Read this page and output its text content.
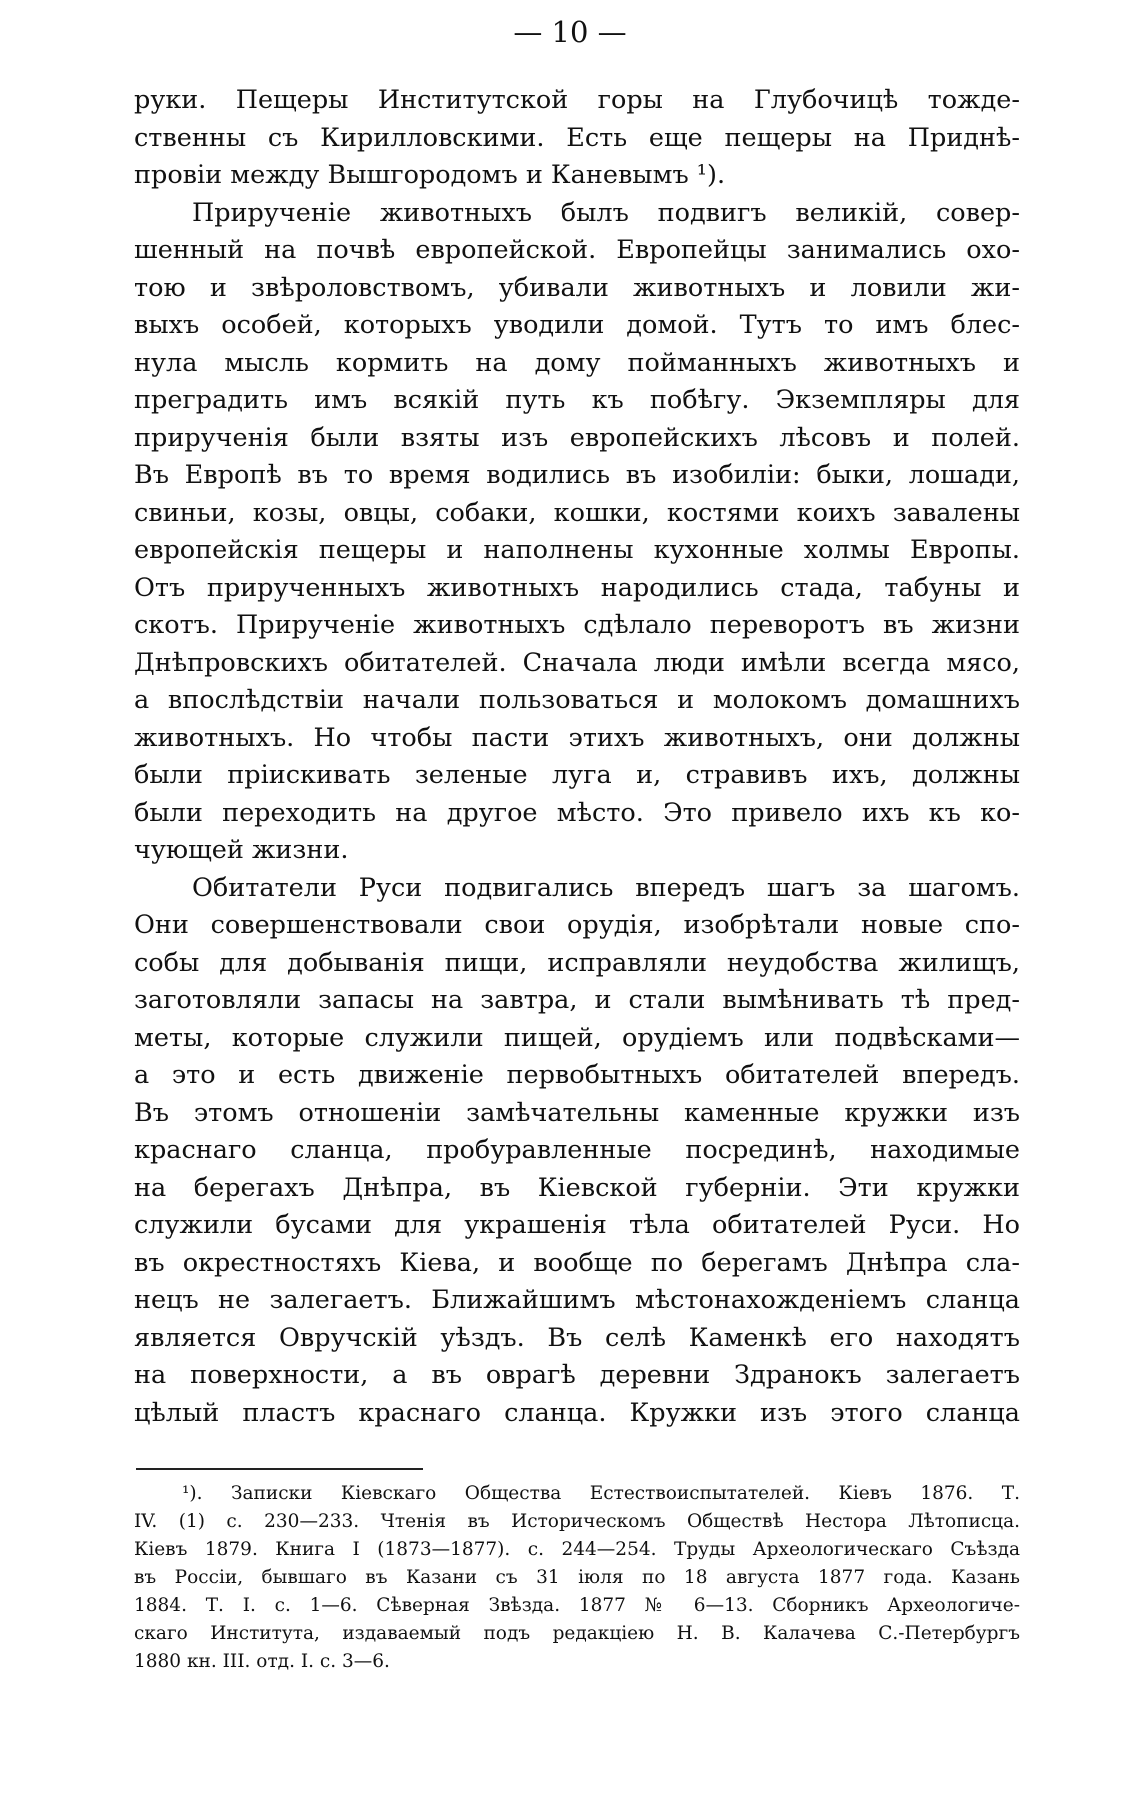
— 10 —
руки. Пещеры Институтской горы на Глубочицѣ тожде-
ственны съ Кирилловскими. Есть еще пещеры на Приднѣ-
провіи между Вышгородомъ и Каневымъ ¹).
Прирученіе животныхъ былъ подвигъ великій, совер-
шенный на почвѣ европейской. Европейцы занимались охо-
тою и звѣроловствомъ, убивали животныхъ и ловили жи-
выхъ особей, которыхъ уводили домой. Тутъ то имъ блес-
нула мысль кормить на дому пойманныхъ животныхъ и
преградить имъ всякій путь къ побѣгу. Экземпляры для
прирученія были взяты изъ европейскихъ лѣсовъ и полей.
Въ Европѣ въ то время водились въ изобиліи: быки, лошади,
свиньи, козы, овцы, собаки, кошки, костями коихъ завалены
европейскія пещеры и наполнены кухонные холмы Европы.
Отъ прирученныхъ животныхъ народились стада, табуны и
скотъ. Прирученіе животныхъ сдѣлало переворотъ въ жизни
Днѣпровскихъ обитателей. Сначала люди имѣли всегда мясо,
а впослѣдствіи начали пользоваться и молокомъ домашнихъ
животныхъ. Но чтобы пасти этихъ животныхъ, они должны
были пріискивать зеленые луга и, стравивъ ихъ, должны
были переходить на другое мѣсто. Это привело ихъ къ ко-
чующей жизни.
Обитатели Руси подвигались впередъ шагъ за шагомъ.
Они совершенствовали свои орудія, изобрѣтали новые спо-
собы для добыванія пищи, исправляли неудобства жилищъ,
заготовляли запасы на завтра, и стали вымѣнивать тѣ пред-
меты, которые служили пищей, орудіемъ или подвѣсками—
а это и есть движеніе первобытныхъ обитателей впередъ.
Въ этомъ отношеніи замѣчательны каменные кружки изъ
краснаго сланца, пробуравленные посрединѣ, находимые
на берегахъ Днѣпра, въ Кіевской губерніи. Эти кружки
служили бусами для украшенія тѣла обитателей Руси. Но
въ окрестностяхъ Кіева, и вообще по берегамъ Днѣпра сла-
нецъ не залегаетъ. Ближайшимъ мѣстонахожденіемъ сланца
является Овручскій уѣздъ. Въ селѣ Каменкѣ его находятъ
на поверхности, а въ оврагѣ деревни Здранокъ залегаетъ
цѣлый пластъ краснаго сланца. Кружки изъ этого сланца
¹). Записки Кіевскаго Общества Естествоиспытателей. Кіевъ 1876. Т.
IV. (1) с. 230—233. Чтенія въ Историческомъ Обществѣ Нестора Лѣтописца.
Кіевъ 1879. Книга I (1873—1877). с. 244—254. Труды Археологическаго Съѣзда
въ Россіи, бывшаго въ Казани съ 31 іюля по 18 августа 1877 года. Казань
1884. Т. I. с. 1—6. Сѣверная Звѣзда. 1877 № 6—13. Сборникъ Археологиче-
скаго Института, издаваемый подъ редакціею Н. В. Калачева С.-Петербургъ
1880 кн. III. отд. I. с. 3—6.
